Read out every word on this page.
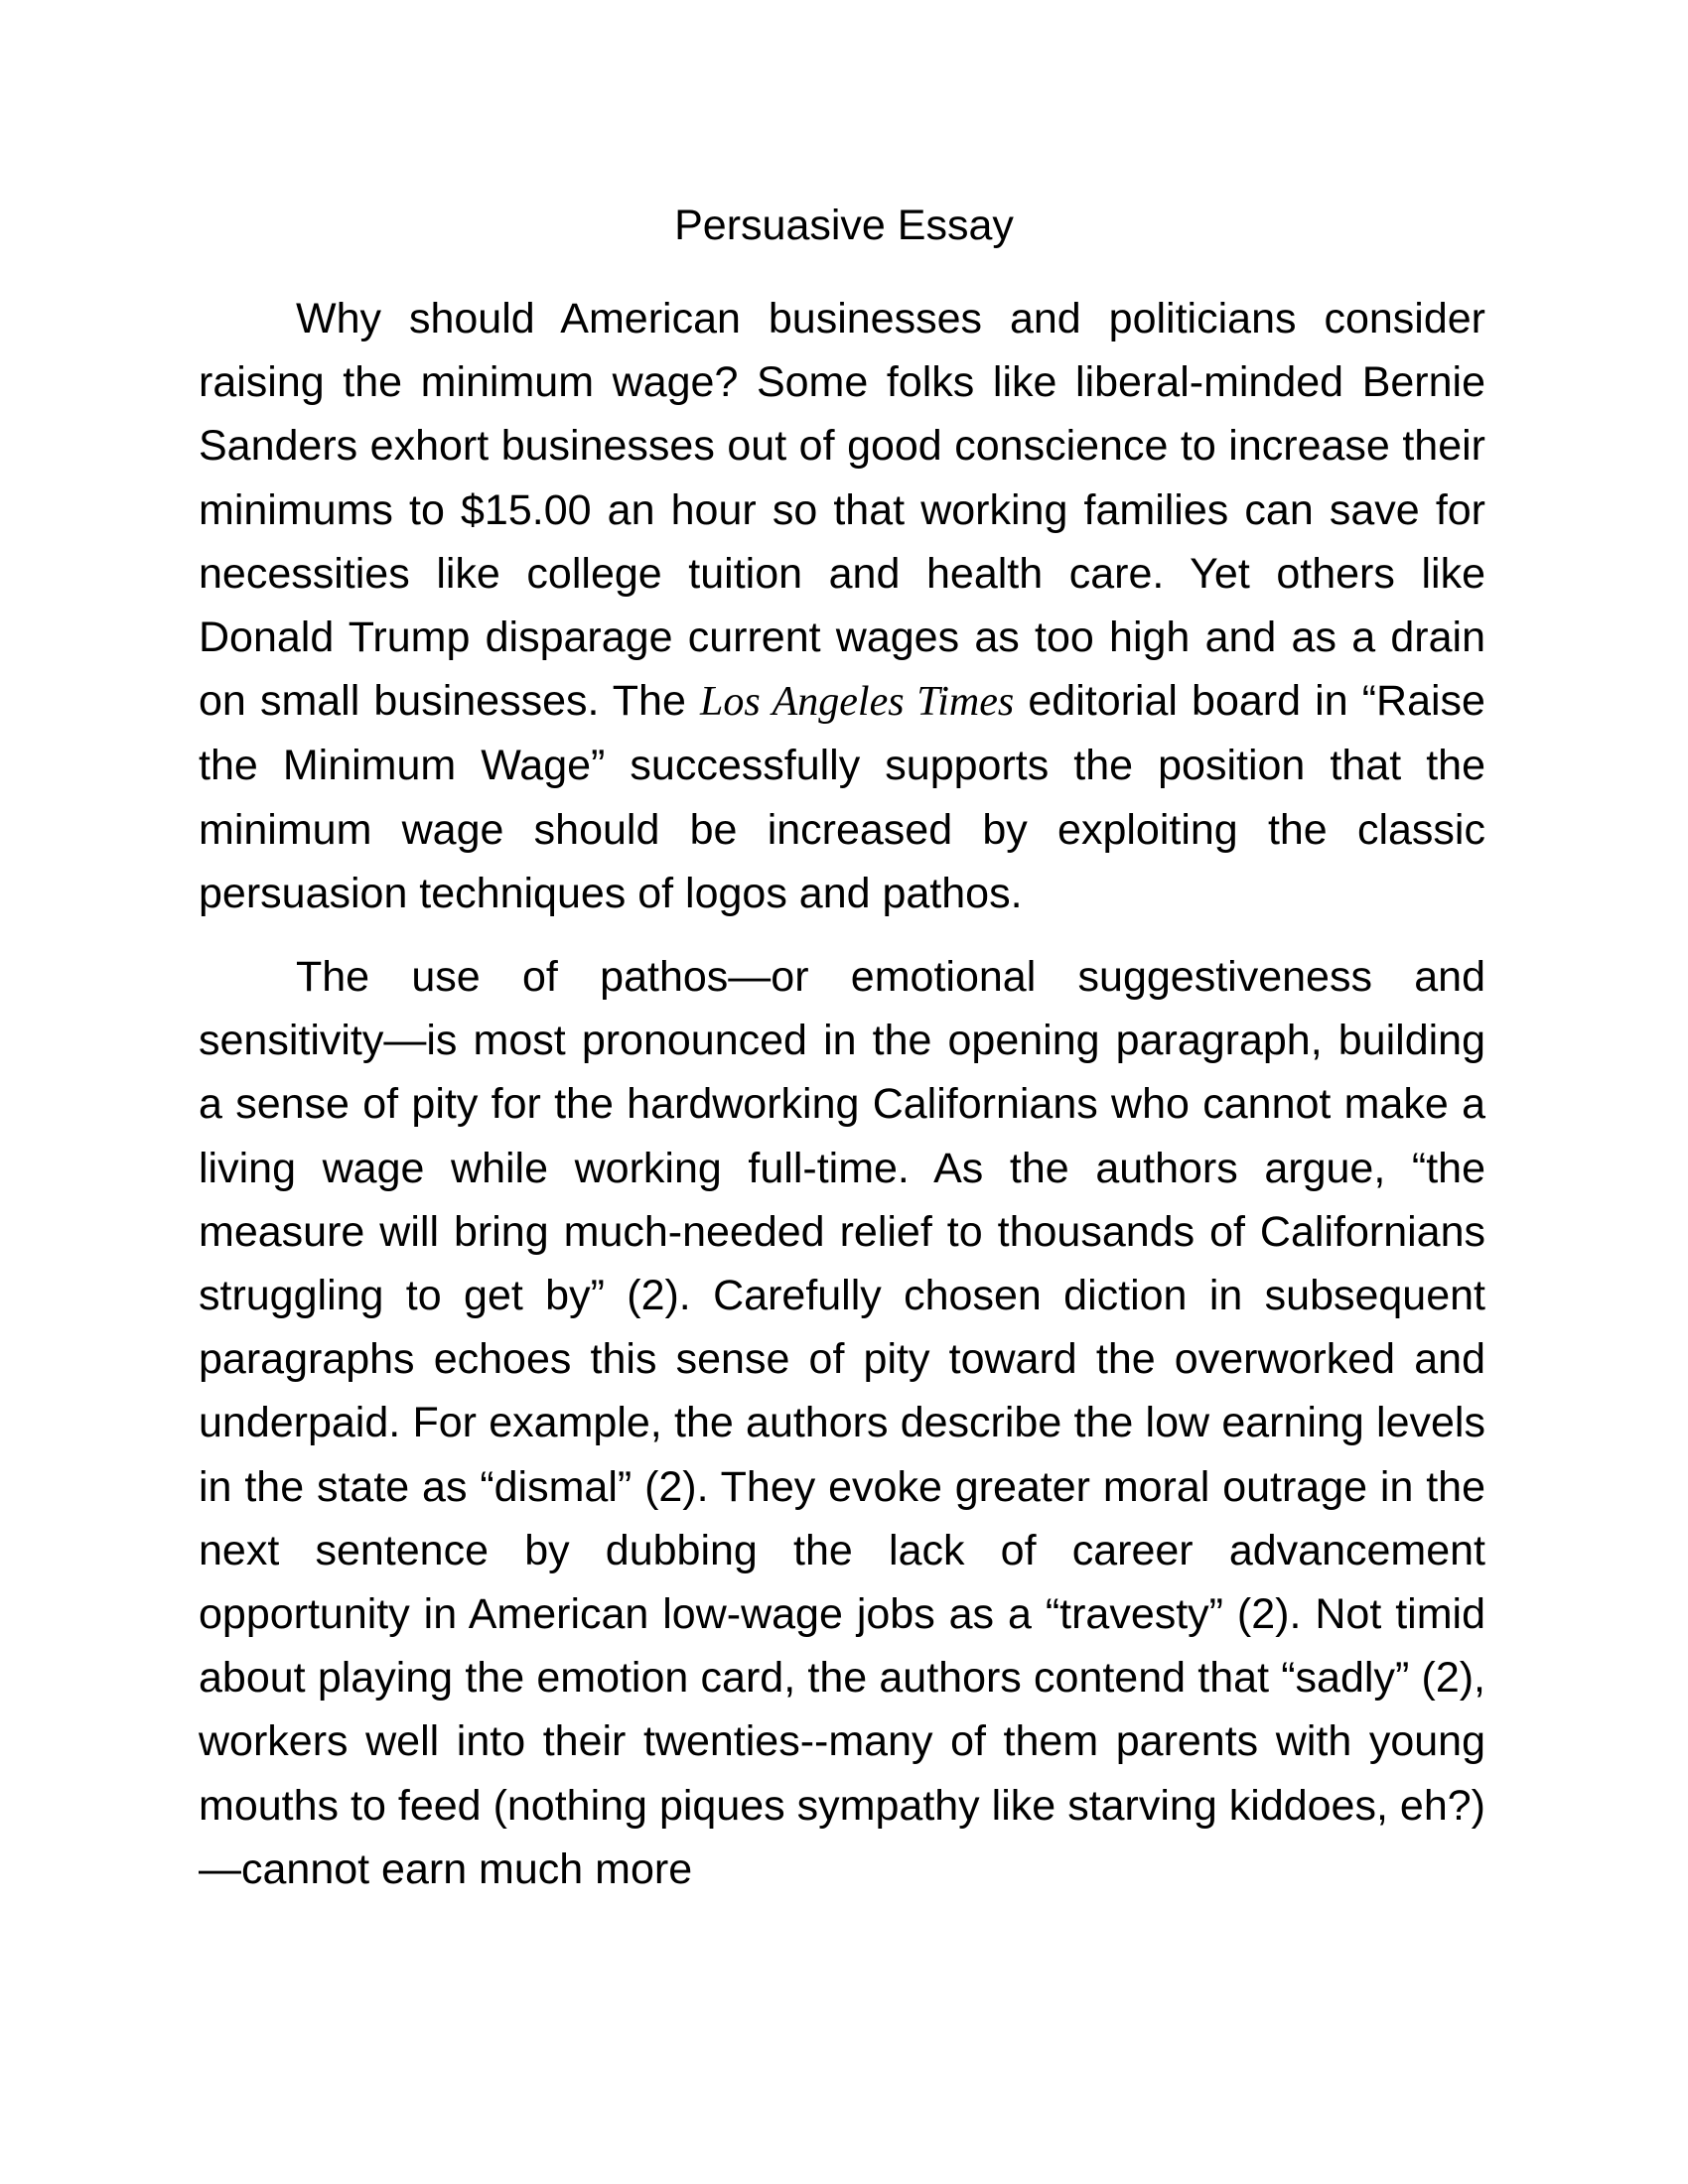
Persuasive Essay

Why should American businesses and politicians consider raising the minimum wage? Some folks like liberal-minded Bernie Sanders exhort businesses out of good conscience to increase their minimums to $15.00 an hour so that working families can save for necessities like college tuition and health care. Yet others like Donald Trump disparage current wages as too high and as a drain on small businesses. The Los Angeles Times editorial board in “Raise the Minimum Wage” successfully supports the position that the minimum wage should be increased by exploiting the classic persuasion techniques of logos and pathos.

The use of pathos—or emotional suggestiveness and sensitivity—is most pronounced in the opening paragraph, building a sense of pity for the hardworking Californians who cannot make a living wage while working full-time. As the authors argue, “the measure will bring much-needed relief to thousands of Californians struggling to get by” (2). Carefully chosen diction in subsequent paragraphs echoes this sense of pity toward the overworked and underpaid. For example, the authors describe the low earning levels in the state as “dismal” (2). They evoke greater moral outrage in the next sentence by dubbing the lack of career advancement opportunity in American low-wage jobs as a “travesty” (2). Not timid about playing the emotion card, the authors contend that “sadly” (2), workers well into their twenties--many of them parents with young mouths to feed (nothing piques sympathy like starving kiddoes, eh?)—cannot earn much more
